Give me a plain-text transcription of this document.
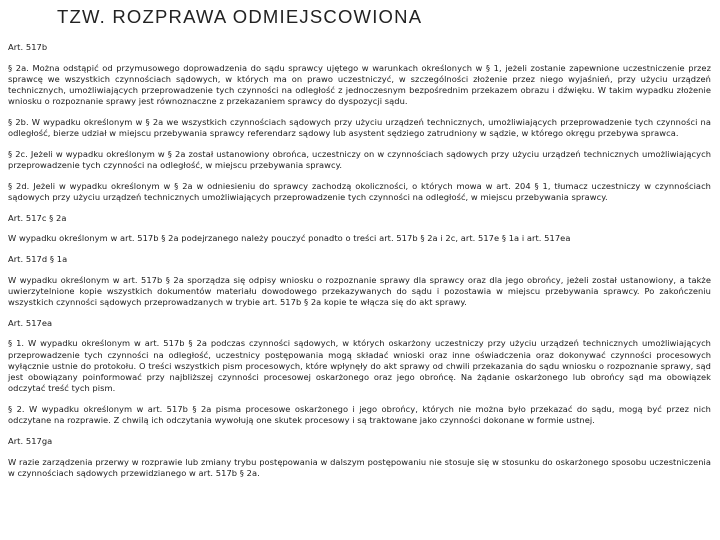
TZW. ROZPRAWA ODMIEJSCOWIONA

Art. 517b

§ 2a. Można odstąpić od przymusowego doprowadzenia do sądu sprawcy ujętego w warunkach określonych w § 1, jeżeli zostanie zapewnione uczestniczenie przez sprawcę we wszystkich czynnościach sądowych, w których ma on prawo uczestniczyć, w szczególności złożenie przez niego wyjaśnień, przy użyciu urządzeń technicznych, umożliwiających przeprowadzenie tych czynności na odległość z jednoczesnym bezpośrednim przekazem obrazu i dźwięku. W takim wypadku złożenie wniosku o rozpoznanie sprawy jest równoznaczne z przekazaniem sprawcy do dyspozycji sądu.

§ 2b. W wypadku określonym w § 2a we wszystkich czynnościach sądowych przy użyciu urządzeń technicznych, umożliwiających przeprowadzenie tych czynności na odległość, bierze udział w miejscu przebywania sprawcy referendarz sądowy lub asystent sędziego zatrudniony w sądzie, w którego okręgu przebywa sprawca.

§ 2c. Jeżeli w wypadku określonym w § 2a został ustanowiony obrońca, uczestniczy on w czynnościach sądowych przy użyciu urządzeń technicznych umożliwiających przeprowadzenie tych czynności na odległość, w miejscu przebywania sprawcy.

§ 2d. Jeżeli w wypadku określonym w § 2a w odniesieniu do sprawcy zachodzą okoliczności, o których mowa w art. 204 § 1, tłumacz uczestniczy w czynnościach sądowych przy użyciu urządzeń technicznych umożliwiających przeprowadzenie tych czynności na odległość, w miejscu przebywania sprawcy.

Art. 517c § 2a

W wypadku określonym w art. 517b § 2a podejrzanego należy pouczyć ponadto o treści art. 517b § 2a i 2c, art. 517e § 1a i art. 517ea

Art. 517d § 1a

W wypadku określonym w art. 517b § 2a sporządza się odpisy wniosku o rozpoznanie sprawy dla sprawcy oraz dla jego obrońcy, jeżeli został ustanowiony, a także uwierzytelnione kopie wszystkich dokumentów materiału dowodowego przekazywanych do sądu i pozostawia w miejscu przebywania sprawcy. Po zakończeniu wszystkich czynności sądowych przeprowadzanych w trybie art. 517b § 2a kopie te włącza się do akt sprawy.

Art. 517ea

§ 1. W wypadku określonym w art. 517b § 2a podczas czynności sądowych, w których oskarżony uczestniczy przy użyciu urządzeń technicznych umożliwiających przeprowadzenie tych czynności na odległość, uczestnicy postępowania mogą składać wnioski oraz inne oświadczenia oraz dokonywać czynności procesowych wyłącznie ustnie do protokołu. O treści wszystkich pism procesowych, które wpłynęły do akt sprawy od chwili przekazania do sądu wniosku o rozpoznanie sprawy, sąd jest obowiązany poinformować przy najbliższej czynności procesowej oskarżonego oraz jego obrońcę. Na żądanie oskarżonego lub obrońcy sąd ma obowiązek odczytać treść tych pism.

§ 2. W wypadku określonym w art. 517b § 2a pisma procesowe oskarżonego i jego obrońcy, których nie można było przekazać do sądu, mogą być przez nich odczytane na rozprawie. Z chwilą ich odczytania wywołują one skutek procesowy i są traktowane jako czynności dokonane w formie ustnej.

Art. 517ga

W razie zarządzenia przerwy w rozprawie lub zmiany trybu postępowania w dalszym postępowaniu nie stosuje się w stosunku do oskarżonego sposobu uczestniczenia w czynnościach sądowych przewidzianego w art. 517b § 2a.
